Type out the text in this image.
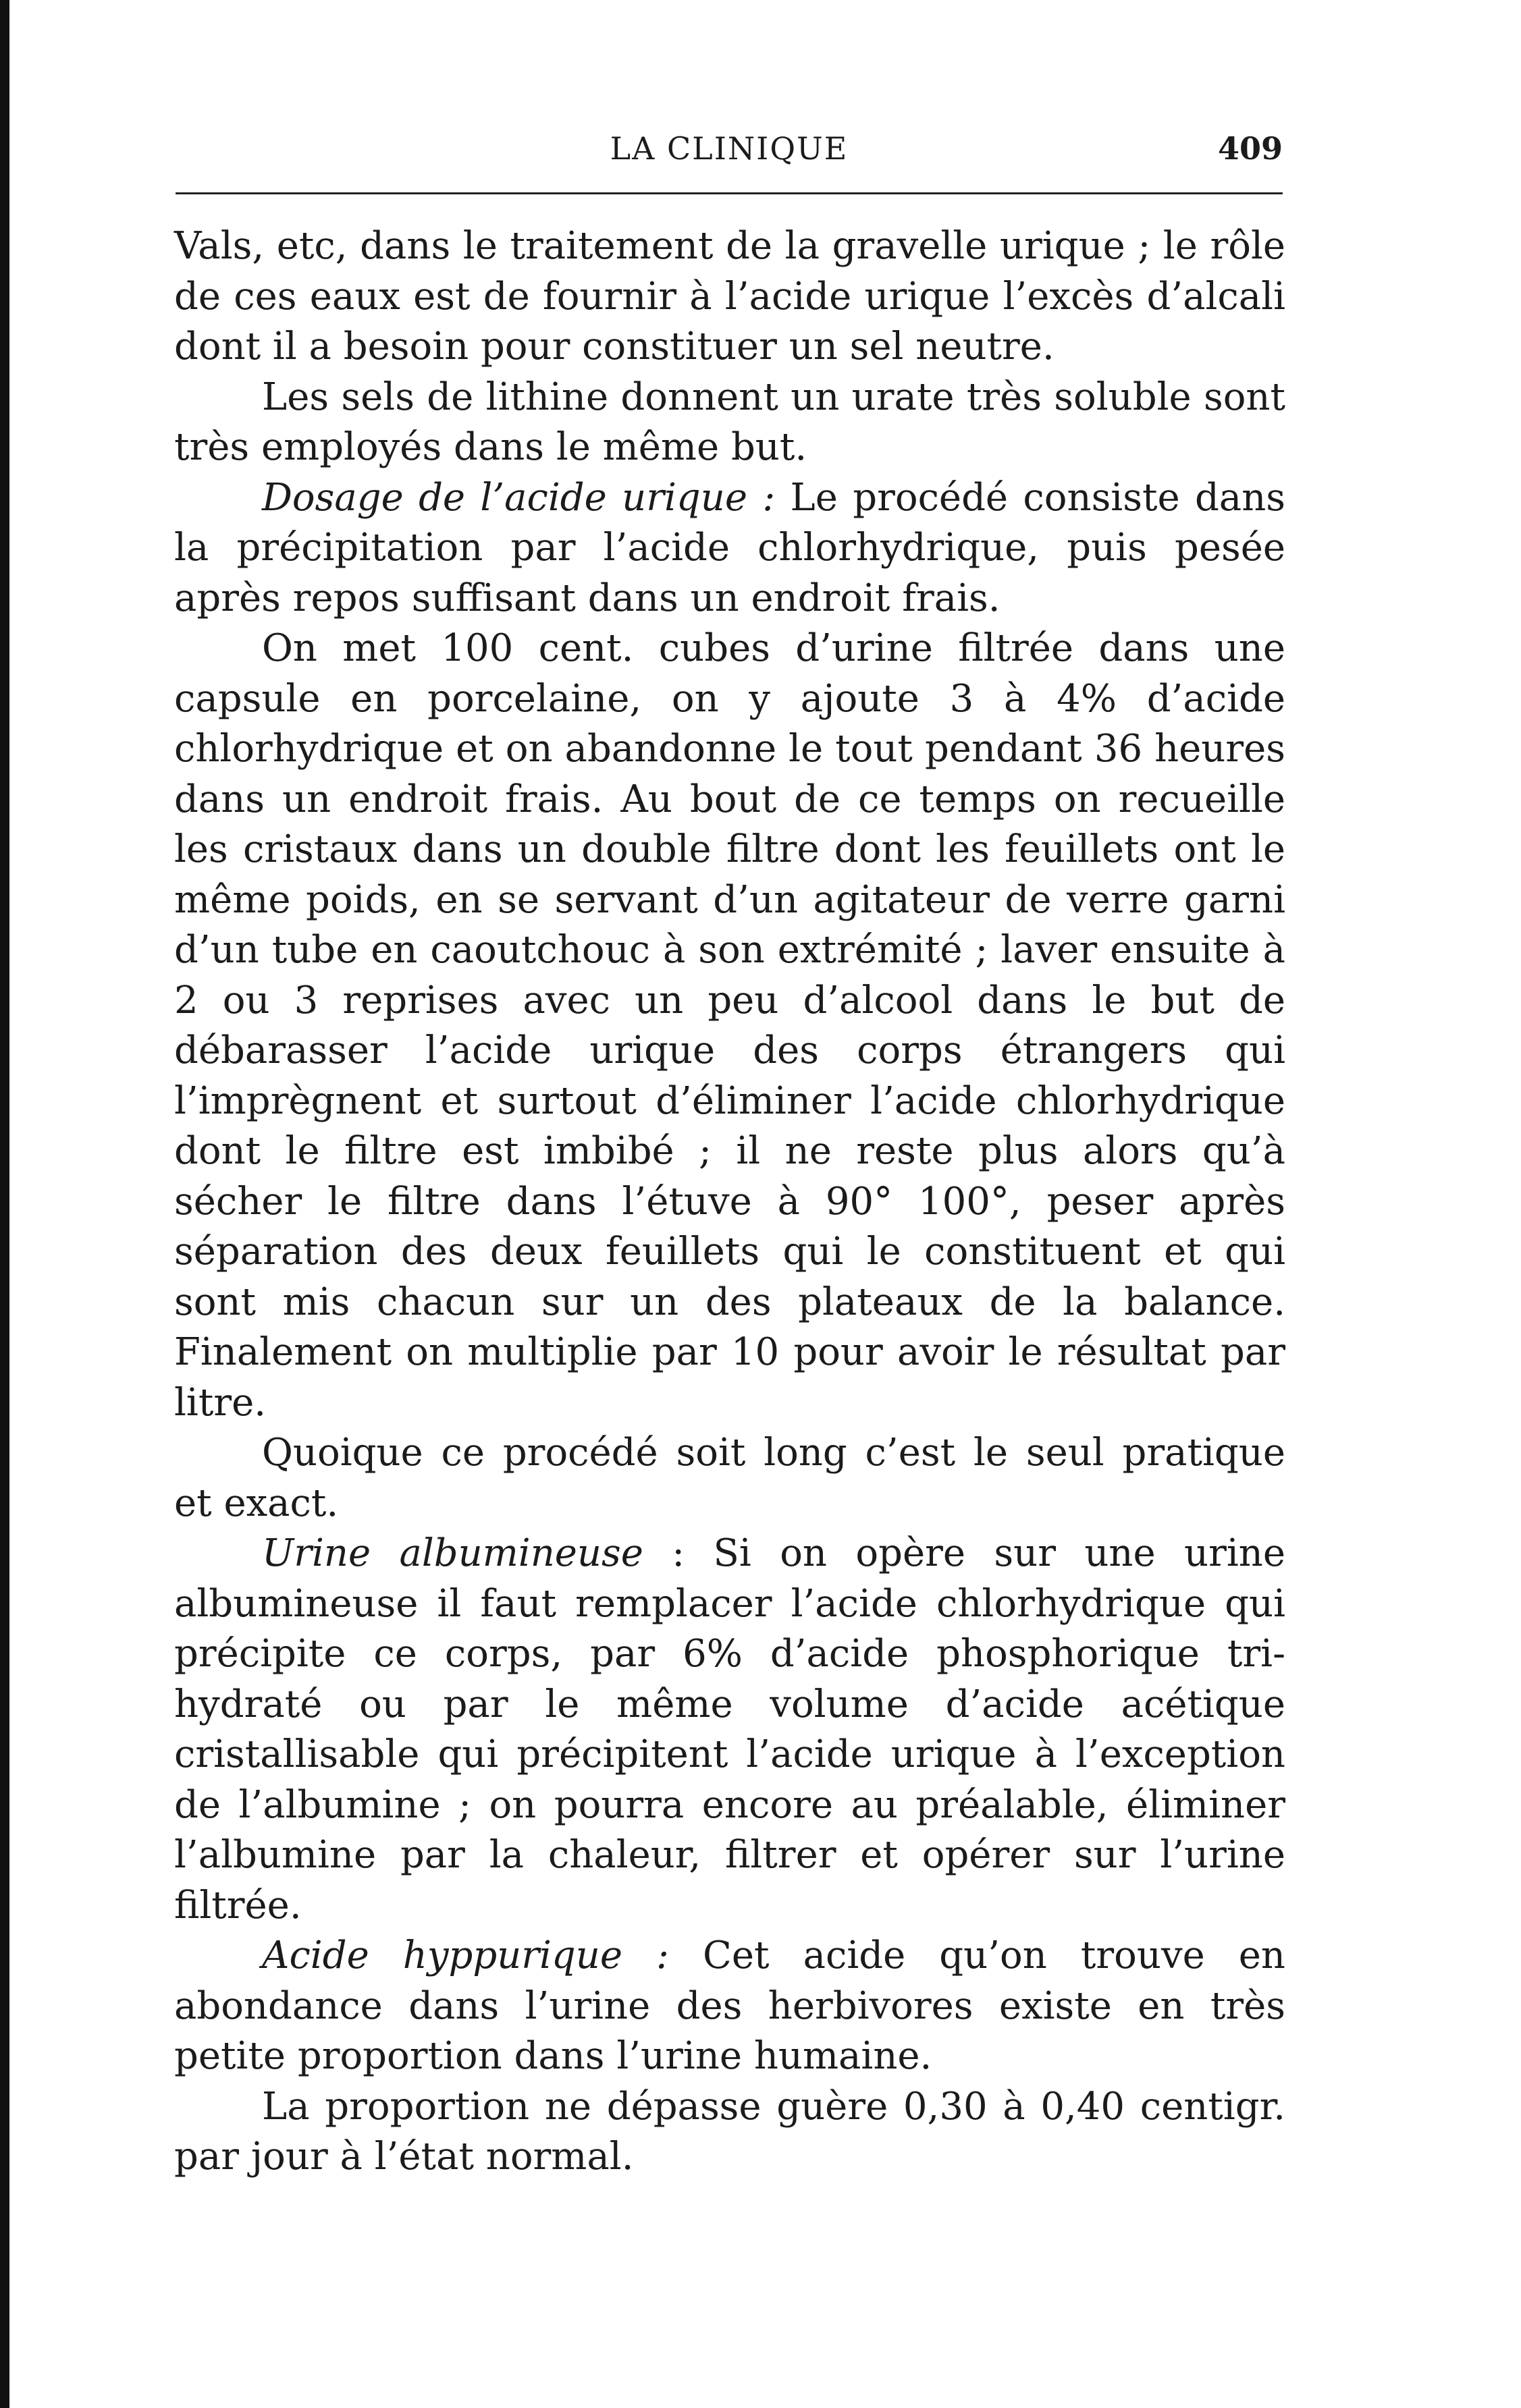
LA CLINIQUE	409

Vals, etc, dans le traitement de la gravelle urique ; le rôle de ces eaux est de fournir à l’acide urique l’excès d’alcali dont il a besoin pour constituer un sel neutre.

Les sels de lithine donnent un urate très soluble sont très employés dans le même but.

Dosage de l’acide urique : Le procédé consiste dans la précipitation par l’acide chlorhydrique, puis pesée après repos suffisant dans un endroit frais.

On met 100 cent. cubes d’urine filtrée dans une capsule en porcelaine, on y ajoute 3 à 4% d’acide chlorhydrique et on abandonne le tout pendant 36 heures dans un endroit frais. Au bout de ce temps on recueille les cristaux dans un double filtre dont les feuillets ont le même poids, en se servant d’un agitateur de verre garni d’un tube en caoutchouc à son extrémité ; laver ensuite à 2 ou 3 reprises avec un peu d’alcool dans le but de débarasser l’acide urique des corps étrangers qui l’imprègnent et surtout d’éliminer l’acide chlorhydrique dont le filtre est imbibé ; il ne reste plus alors qu’à sécher le filtre dans l’étuve à 90° 100°, peser après séparation des deux feuillets qui le constituent et qui sont mis chacun sur un des plateaux de la balance. Finalement on multiplie par 10 pour avoir le résultat par litre.

Quoique ce procédé soit long c’est le seul pratique et exact.

Urine albumineuse : Si on opère sur une urine albumineuse il faut remplacer l’acide chlorhydrique qui précipite ce corps, par 6% d’acide phosphorique tri-hydraté ou par le même volume d’acide acétique cristallisable qui précipitent l’acide urique à l’exception de l’albumine ; on pourra encore au préalable, éliminer l’albumine par la chaleur, filtrer et opérer sur l’urine filtrée.

Acide hyppurique : Cet acide qu’on trouve en abondance dans l’urine des herbivores existe en très petite proportion dans l’urine humaine.

La proportion ne dépasse guère 0,30 à 0,40 centigr. par jour à l’état normal.
